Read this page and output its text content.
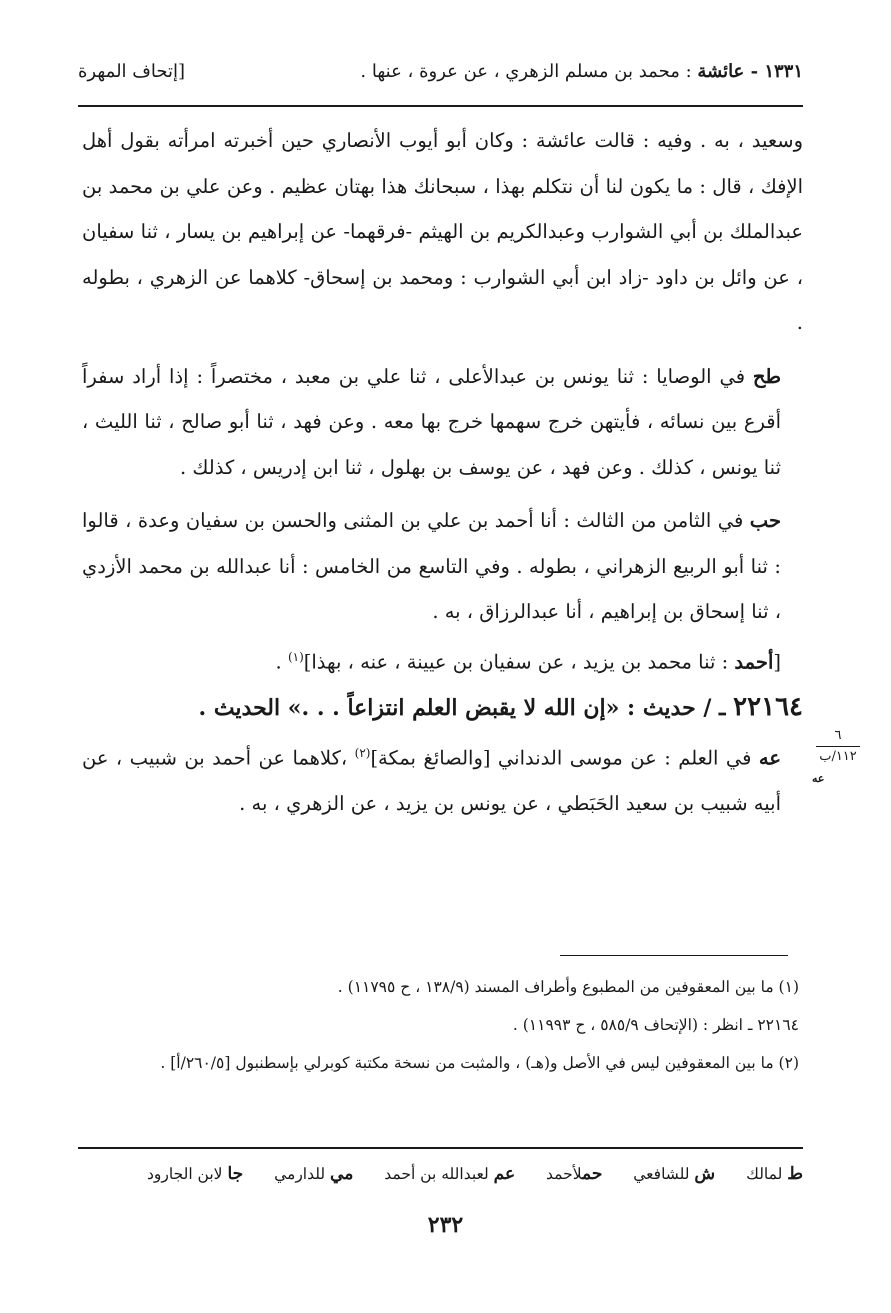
١٣٣١ - عائشة : محمد بن مسلم الزهري ، عن عروة ، عنها .
[إتحاف المهرة

وسعيد ، به . وفيه : قالت عائشة : وكان أبو أيوب الأنصاري حين أخبرته امرأته بقول أهل الإفك ، قال : ما يكون لنا أن نتكلم بهذا ، سبحانك هذا بهتان عظيم . وعن علي بن محمد بن عبدالملك بن أبي الشوارب وعبدالكريم بن الهيثم -فرقهما- عن إبراهيم بن يسار ، ثنا سفيان ، عن وائل بن داود -زاد ابن أبي الشوارب : ومحمد بن إسحاق- كلاهما عن الزهري ، بطوله .

طح في الوصايا : ثنا يونس بن عبدالأعلى ، ثنا علي بن معبد ، مختصراً : إذا أراد سفراً أقرع بين نسائه ، فأيتهن خرج سهمها خرج بها معه . وعن فهد ، ثنا أبو صالح ، ثنا الليث ، ثنا يونس ، كذلك . وعن فهد ، عن يوسف بن بهلول ، ثنا ابن إدريس ، كذلك .

حب في الثامن من الثالث : أنا أحمد بن علي بن المثنى والحسن بن سفيان وعدة ، قالوا : ثنا أبو الربيع الزهراني ، بطوله . وفي التاسع من الخامس : أنا عبدالله بن محمد الأزدي ، ثنا إسحاق بن إبراهيم ، أنا عبدالرزاق ، به .

[أحمد : ثنا محمد بن يزيد ، عن سفيان بن عيينة ، عنه ، بهذا]$^{(١)}$ .

٢٢١٦٤ ـ / حديث : «إن الله لا يقبض العلم انتزاعاً . . .» الحديث .

عه في العلم : عن موسى الدنداني [والصائغ بمكة]$^{(٢)}$ ،كلاهما عن أحمد بن شبيب ، عن أبيه شبيب بن سعيد الحَبَطي ، عن يونس بن يزيد ، عن الزهري ، به .

٦
١١٢/ب
عه

(١) ما بين المعقوفين من المطبوع وأطراف المسند (١٣٨/٩ ، ح ١١٧٩٥) .

٢٢١٦٤ ـ انظر : (الإتحاف ٥٨٥/٩ ، ح ١١٩٩٣) .

(٢) ما بين المعقوفين ليس في الأصل و(هـ) ، والمثبت من نسخة مكتبة كوبرلي بإسطنبول [٢٦٠/٥/أ] .

ط لمالك ش للشافعي حملأحمد عم لعبدالله بن أحمد مي للدارمي جا لابن الجارود
٢٣٢
